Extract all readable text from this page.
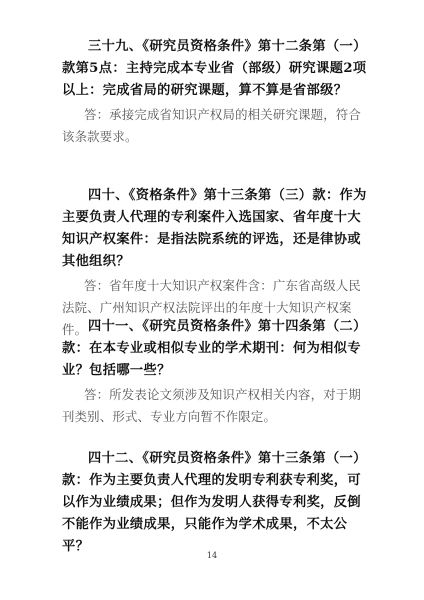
三十九、《研究员资格条件》第十二条第（一）款第5点：主持完成本专业省（部级）研究课题2项以上：完成省局的研究课题，算不算是省部级？

答：承接完成省知识产权局的相关研究课题，符合该条款要求。

四十、《资格条件》第十三条第（三）款：作为主要负责人代理的专利案件入选国家、省年度十大知识产权案件：是指法院系统的评选，还是律协或其他组织？

答：省年度十大知识产权案件含：广东省高级人民法院、广州知识产权法院评出的年度十大知识产权案件。 四十一、《研究员资格条件》第十四条第（二）款：在本专业或相似专业的学术期刊：何为相似专业？包括哪一些？

答：所发表论文须涉及知识产权相关内容，对于期刊类别、形式、专业方向暂不作限定。

四十二、《研究员资格条件》第十三条第（一）款：作为主要负责人代理的发明专利获专利奖，可以作为业绩成果；但作为发明人获得专利奖，反倒不能作为业绩成果，只能作为学术成果，不太公平？

14
